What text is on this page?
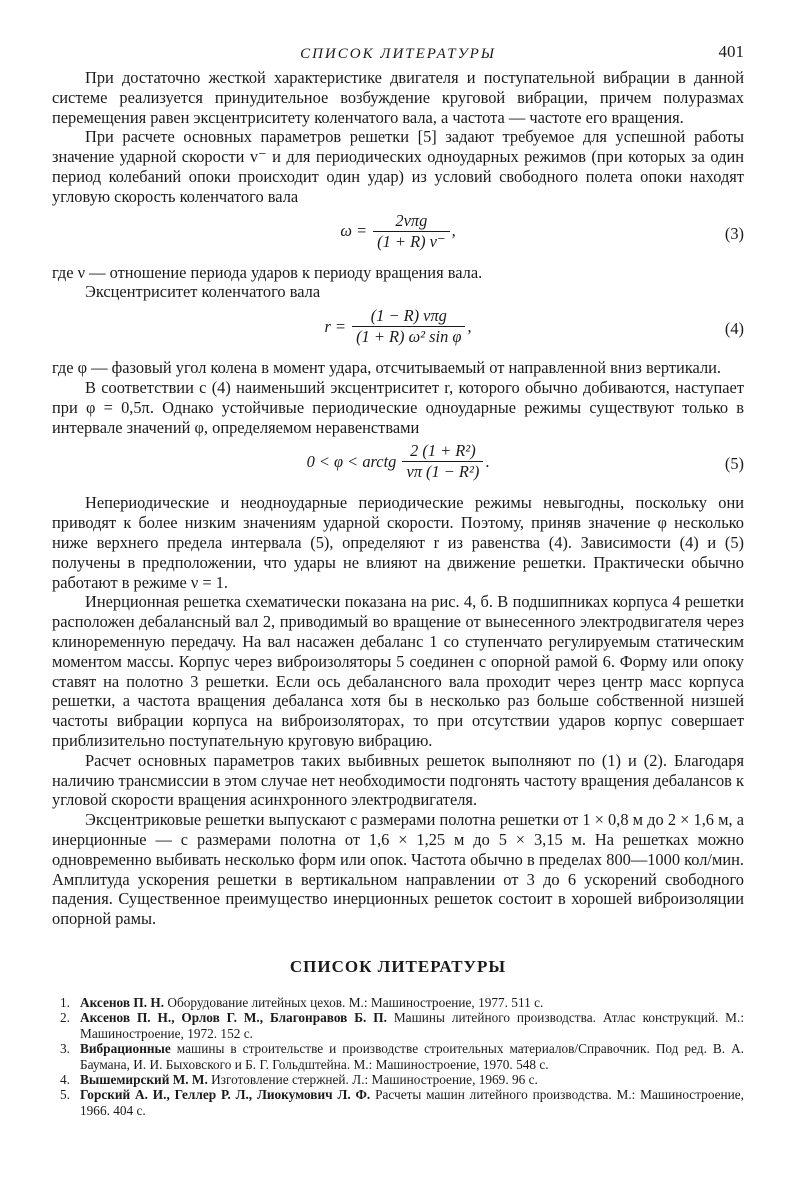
СПИСОК ЛИТЕРАТУРЫ	401

При достаточно жесткой характеристике двигателя и поступательной вибрации в данной системе реализуется принудительное возбуждение круговой вибрации, причем полуразмах перемещения равен эксцентриситету коленчатого вала, а частота — частоте его вращения.

При расчете основных параметров решетки [5] задают требуемое для успешной работы значение ударной скорости v⁻ и для периодических одноударных режимов (при которых за один период колебаний опоки происходит один удар) из условий свободного полета опоки находят угловую скорость коленчатого вала

$\omega = \frac{\text{2νπg}}{(1 + R) v^-}$ ,	(3)

где ν — отношение периода ударов к периоду вращения вала.

Эксцентриситет коленчатого вала

$r = \frac{\text{(1 − R) νπg}}{\text{(1 + R) ω² sin φ}}$ ,	(4)

где φ — фазовый угол колена в момент удара, отсчитываемый от направленной вниз вертикали.

В соответствии с (4) наименьший эксцентриситет r, которого обычно добиваются, наступает при φ = 0,5π. Однако устойчивые периодические одноударные режимы существуют только в интервале значений φ, определяемом неравенствами

0 < φ < arctg $\frac{\text{2 (1 + R²)}}{\text{νπ (1 − R²)}}$ .	(5)

Непериодические и неодноударные периодические режимы невыгодны, поскольку они приводят к более низким значениям ударной скорости. Поэтому, приняв значение φ несколько ниже верхнего предела интервала (5), определяют r из равенства (4). Зависимости (4) и (5) получены в предположении, что удары не влияют на движение решетки. Практически обычно работают в режиме ν = 1.

Инерционная решетка схематически показана на рис. 4, б. В подшипниках корпуса 4 решетки расположен дебалансный вал 2, приводимый во вращение от вынесенного электродвигателя через клиноременную передачу. На вал насажен дебаланс 1 со ступенчато регулируемым статическим моментом массы. Корпус через виброизоляторы 5 соединен с опорной рамой 6. Форму или опоку ставят на полотно 3 решетки. Если ось дебалансного вала проходит через центр масс корпуса решетки, а частота вращения дебаланса хотя бы в несколько раз больше собственной низшей частоты вибрации корпуса на виброизоляторах, то при отсутствии ударов корпус совершает приблизительно поступательную круговую вибрацию.

Расчет основных параметров таких выбивных решеток выполняют по (1) и (2). Благодаря наличию трансмиссии в этом случае нет необходимости подгонять частоту вращения дебалансов к угловой скорости вращения асинхронного электродвигателя.

Эксцентриковые решетки выпускают с размерами полотна решетки от 1 × 0,8 м до 2 × 1,6 м, а инерционные — с размерами полотна от 1,6 × 1,25 м до 5 × 3,15 м. На решетках можно одновременно выбивать несколько форм или опок. Частота обычно в пределах 800—1000 кол/мин. Амплитуда ускорения решетки в вертикальном направлении от 3 до 6 ускорений свободного падения. Существенное преимущество инерционных решеток состоит в хорошей виброизоляции опорной рамы.

СПИСОК ЛИТЕРАТУРЫ
1. Аксенов П. Н. Оборудование литейных цехов. М.: Машиностроение, 1977. 511 с.
2. Аксенов П. Н., Орлов Г. М., Благонравов Б. П. Машины литейного производства. Атлас конструкций. М.: Машиностроение, 1972. 152 с.
3. Вибрационные машины в строительстве и производстве строительных материалов/Справочник. Под ред. В. А. Баумана, И. И. Быховского и Б. Г. Гольдштейна. М.: Машиностроение, 1970. 548 с.
4. Вышемирский М. М. Изготовление стержней. Л.: Машиностроение, 1969. 96 с.
5. Горский А. И., Геллер Р. Л., Лиокумович Л. Ф. Расчеты машин литейного производства. М.: Машиностроение, 1966. 404 с.
